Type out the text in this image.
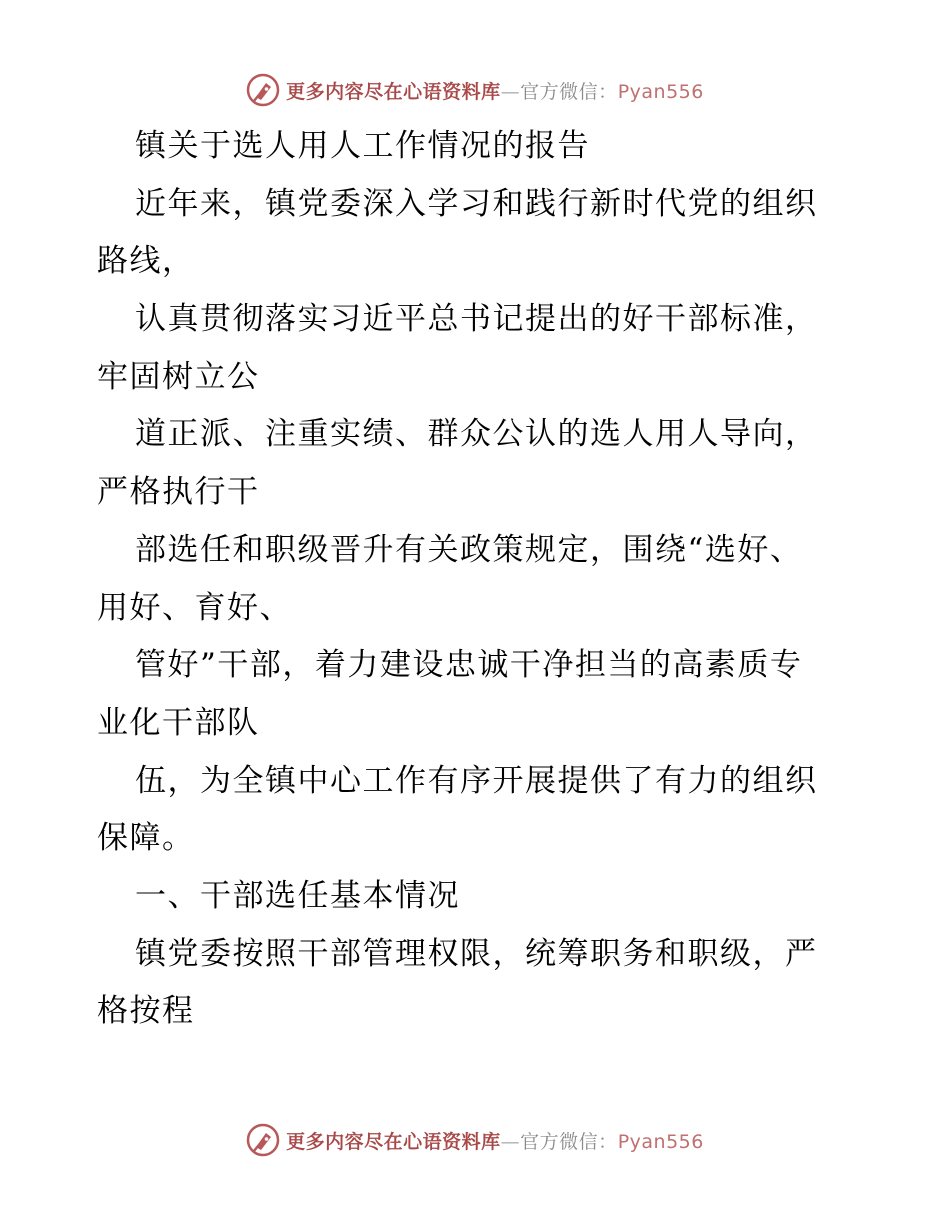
更多内容尽在心语资料库—官方微信：Pyan556
镇关于选人用人工作情况的报告
近年来，镇党委深入学习和践行新时代党的组织
路线，
认真贯彻落实习近平总书记提出的好干部标准，
牢固树立公
道正派、注重实绩、群众公认的选人用人导向，
严格执行干
部选任和职级晋升有关政策规定，围绕“选好、
用好、育好、
管好”干部，着力建设忠诚干净担当的高素质专
业化干部队
伍，为全镇中心工作有序开展提供了有力的组织
保障。
一、干部选任基本情况
镇党委按照干部管理权限，统筹职务和职级，严
格按程
更多内容尽在心语资料库—官方微信：Pyan556
